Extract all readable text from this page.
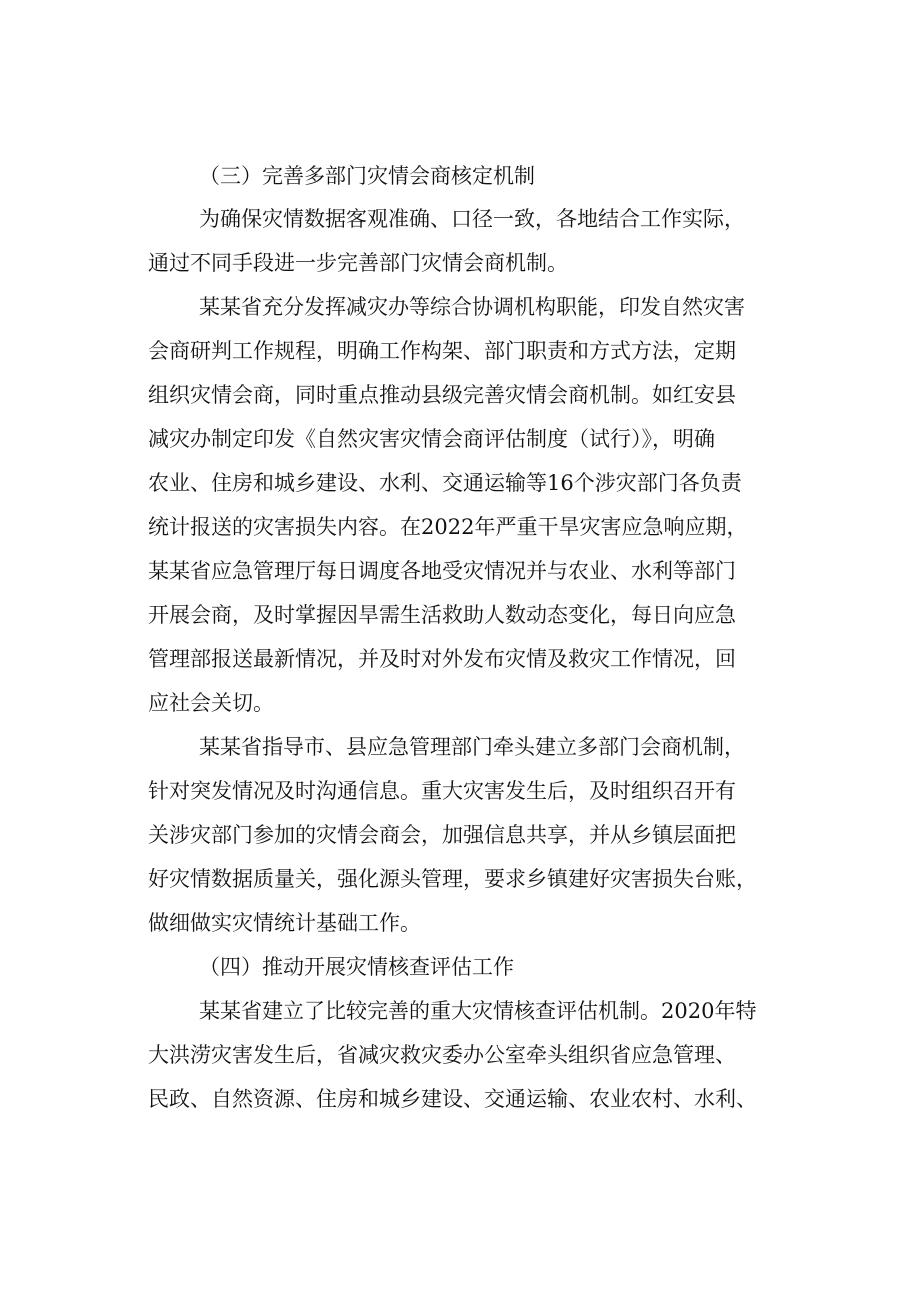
（三）完善多部门灾情会商核定机制

为确保灾情数据客观准确、口径一致，各地结合工作实际，

通过不同手段进一步完善部门灾情会商机制。

某某省充分发挥减灾办等综合协调机构职能，印发自然灾害

会商研判工作规程，明确工作构架、部门职责和方式方法，定期

组织灾情会商，同时重点推动县级完善灾情会商机制。如红安县

减灾办制定印发《自然灾害灾情会商评估制度（试行）》，明确

农业、住房和城乡建设、水利、交通运输等16个涉灾部门各负责

统计报送的灾害损失内容。在2022年严重干旱灾害应急响应期，

某某省应急管理厅每日调度各地受灾情况并与农业、水利等部门

开展会商，及时掌握因旱需生活救助人数动态变化，每日向应急

管理部报送最新情况，并及时对外发布灾情及救灾工作情况，回

应社会关切。

某某省指导市、县应急管理部门牵头建立多部门会商机制，

针对突发情况及时沟通信息。重大灾害发生后，及时组织召开有

关涉灾部门参加的灾情会商会，加强信息共享，并从乡镇层面把

好灾情数据质量关，强化源头管理，要求乡镇建好灾害损失台账，

做细做实灾情统计基础工作。

（四）推动开展灾情核查评估工作

某某省建立了比较完善的重大灾情核查评估机制。2020年特

大洪涝灾害发生后，省减灾救灾委办公室牵头组织省应急管理、

民政、自然资源、住房和城乡建设、交通运输、农业农村、水利、
